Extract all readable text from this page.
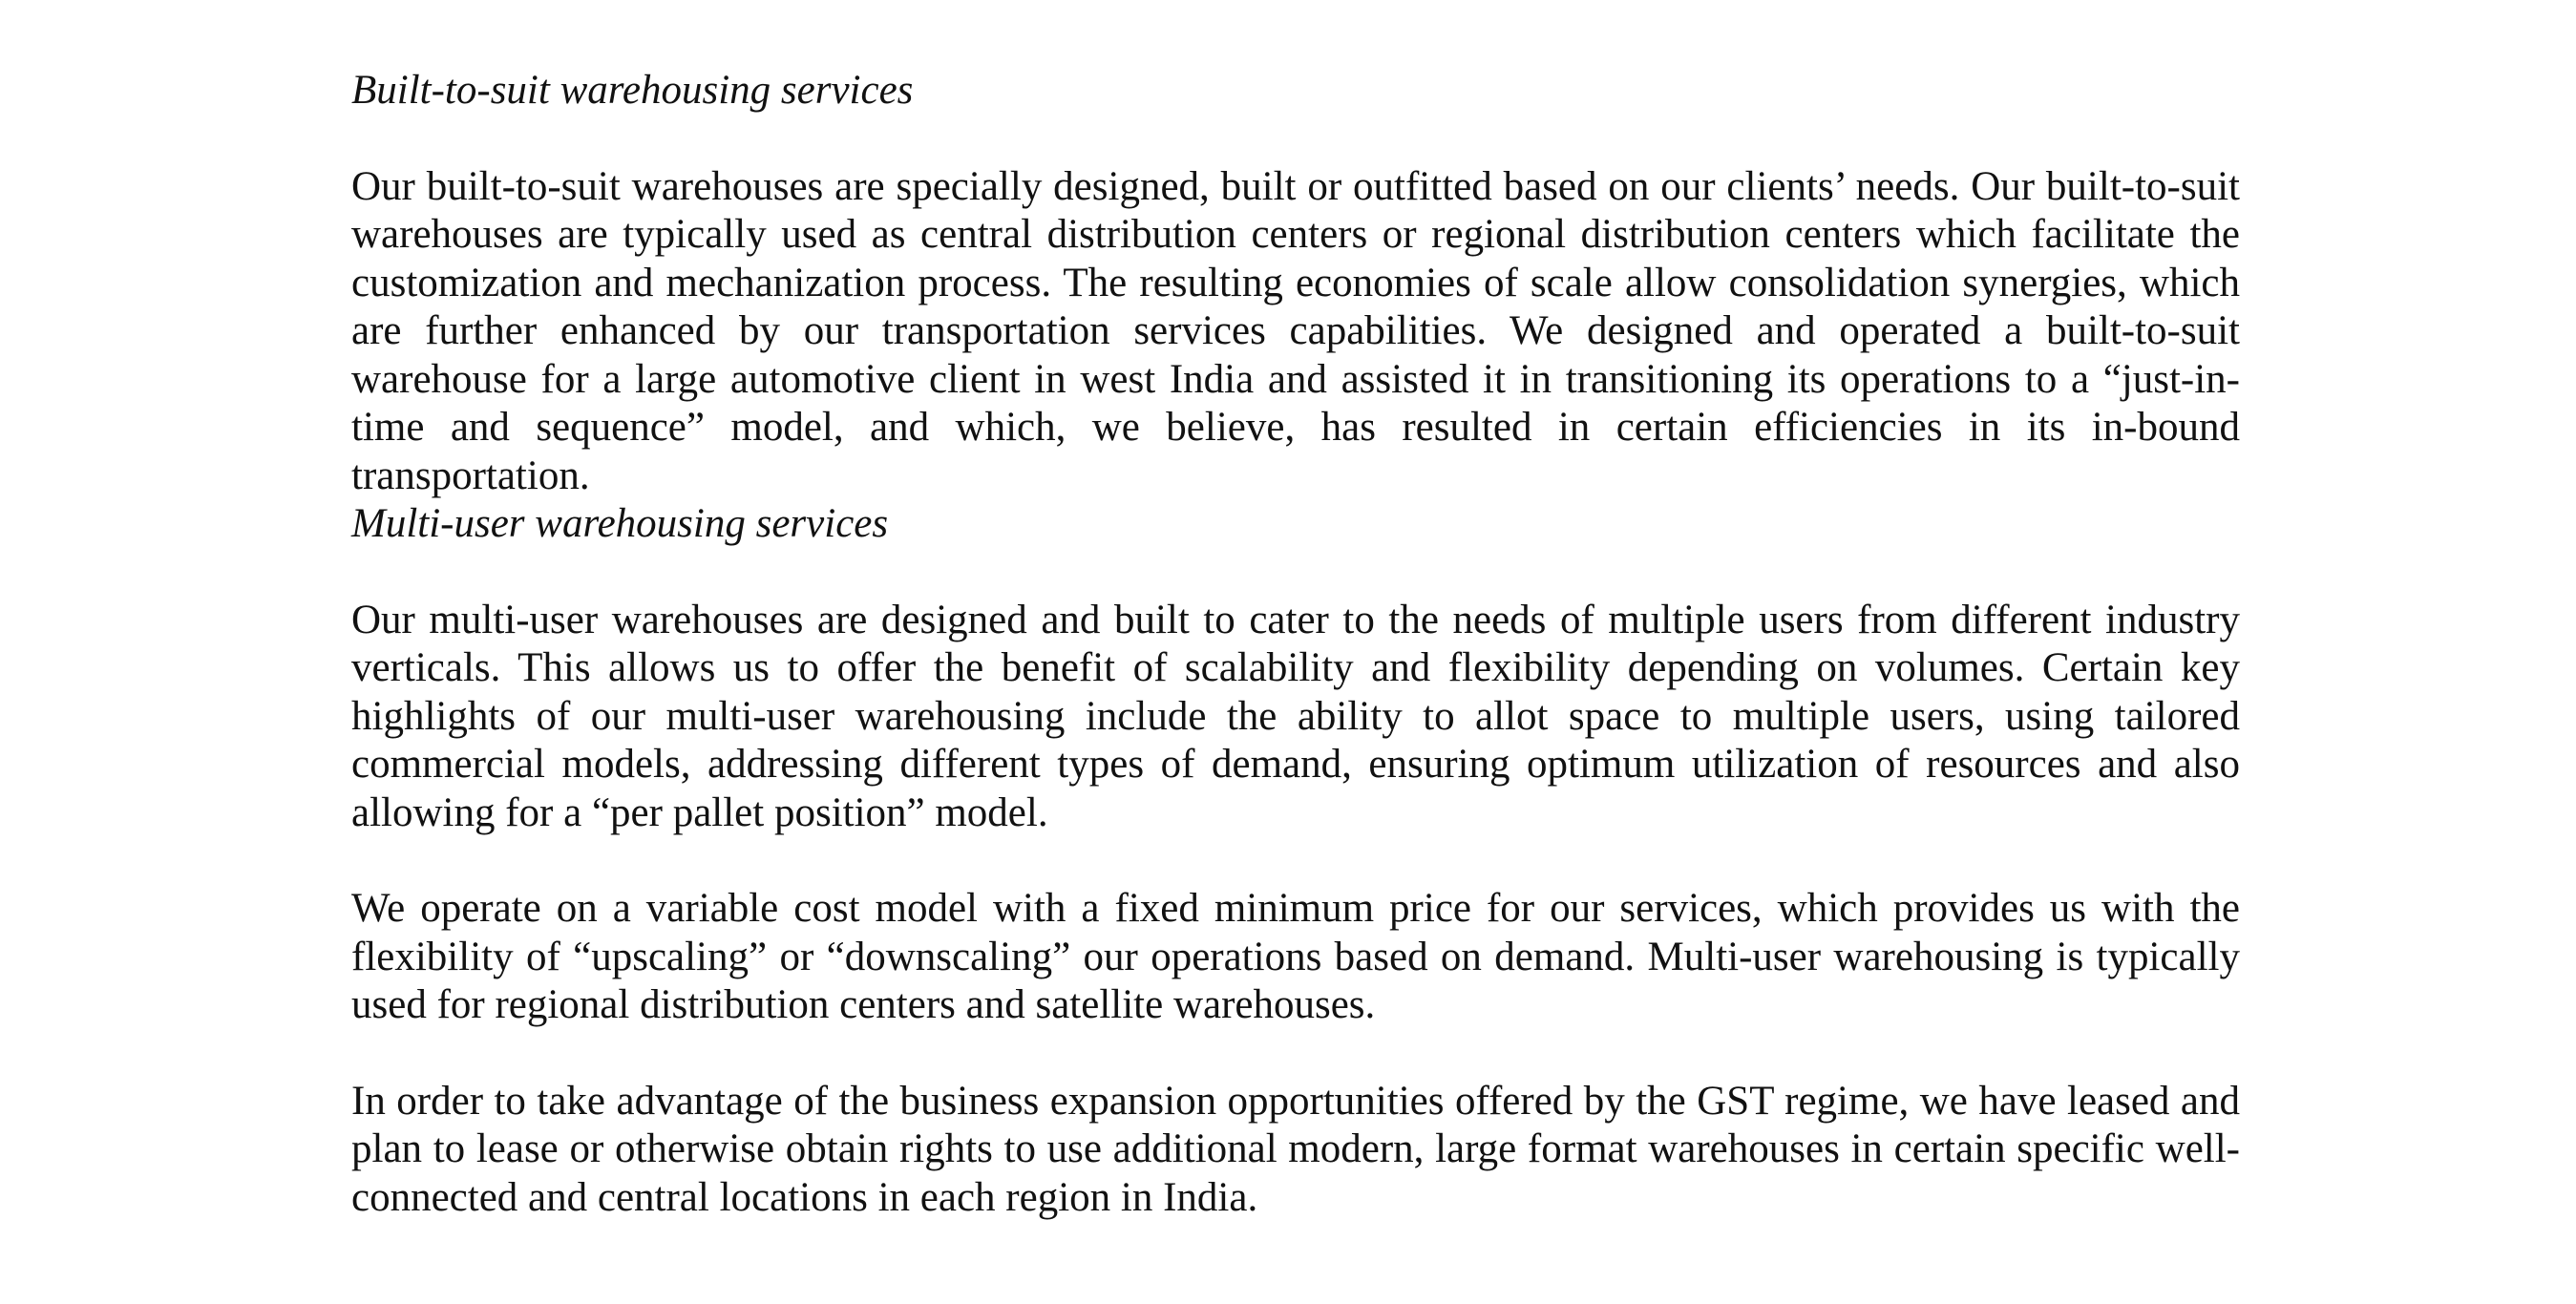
Built-to-suit warehousing services

Our built-to-suit warehouses are specially designed, built or outfitted based on our clients’ needs. Our built-to-suit warehouses are typically used as central distribution centers or regional distribution centers which facilitate the customization and mechanization process. The resulting economies of scale allow consolidation synergies, which are further enhanced by our transportation services capabilities. We designed and operated a built-to-suit warehouse for a large automotive client in west India and assisted it in transitioning its operations to a “just-in-time and sequence” model, and which, we believe, has resulted in certain efficiencies in its in-bound transportation.

Multi-user warehousing services

Our multi-user warehouses are designed and built to cater to the needs of multiple users from different industry verticals. This allows us to offer the benefit of scalability and flexibility depending on volumes. Certain key highlights of our multi-user warehousing include the ability to allot space to multiple users, using tailored commercial models, addressing different types of demand, ensuring optimum utilization of resources and also allowing for a “per pallet position” model.

We operate on a variable cost model with a fixed minimum price for our services, which provides us with the flexibility of “upscaling” or “downscaling” our operations based on demand. Multi-user warehousing is typically used for regional distribution centers and satellite warehouses.

In order to take advantage of the business expansion opportunities offered by the GST regime, we have leased and plan to lease or otherwise obtain rights to use additional modern, large format warehouses in certain specific well-connected and central locations in each region in India.
